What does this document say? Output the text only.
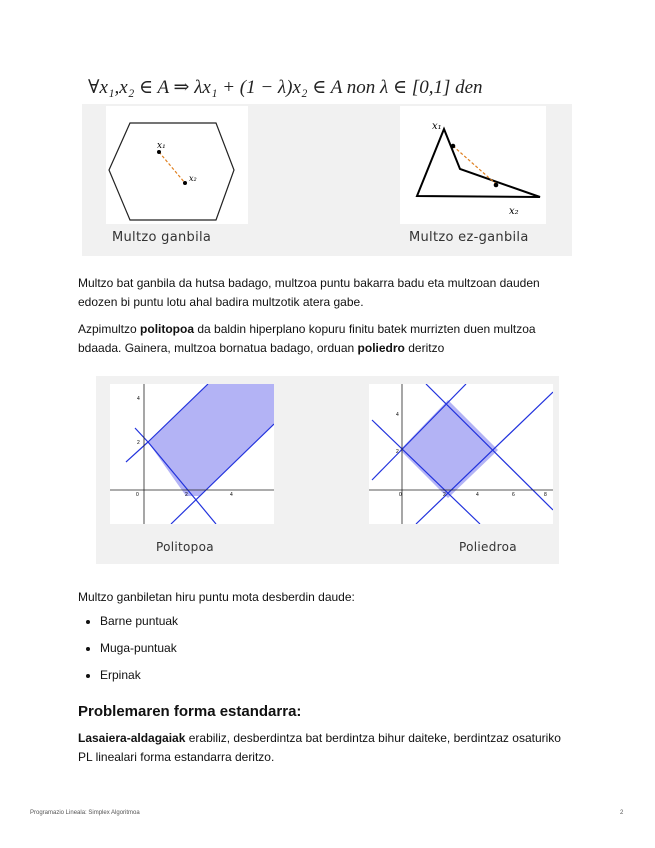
∀x₁,x₂ ∈ A ⇒ λx₁ + (1 − λ)x₂ ∈ A non λ ∈ [0,1] den
x₁
x₂
x₁
x₂
Multzo ganbila	Multzo ez-ganbila
Multzo bat ganbila da hutsa badago, multzoa puntu bakarra badu eta multzoan dauden edozen bi puntu lotu ahal badira multzotik atera gabe.
Azpimultzo politopoa da baldin hiperplano kopuru finitu batek murrizten duen multzoa bdaada. Gainera, multzoa bornatua badago, orduan poliedro deritzo
4
2
0	2	4
4
2
0	2	4	6	8
Politopoa	Poliedroa
Multzo ganbiletan hiru puntu mota desberdin daude:
• Barne puntuak
• Muga-puntuak
• Erpinak
Problemaren forma estandarra:
Lasaiera-aldagaiak erabiliz, desberdintza bat berdintza bihur daiteke, berdintzaz osaturiko PL linealari forma estandarra deritzo.
Programazio Lineala: Simplex Algoritmoa	2
